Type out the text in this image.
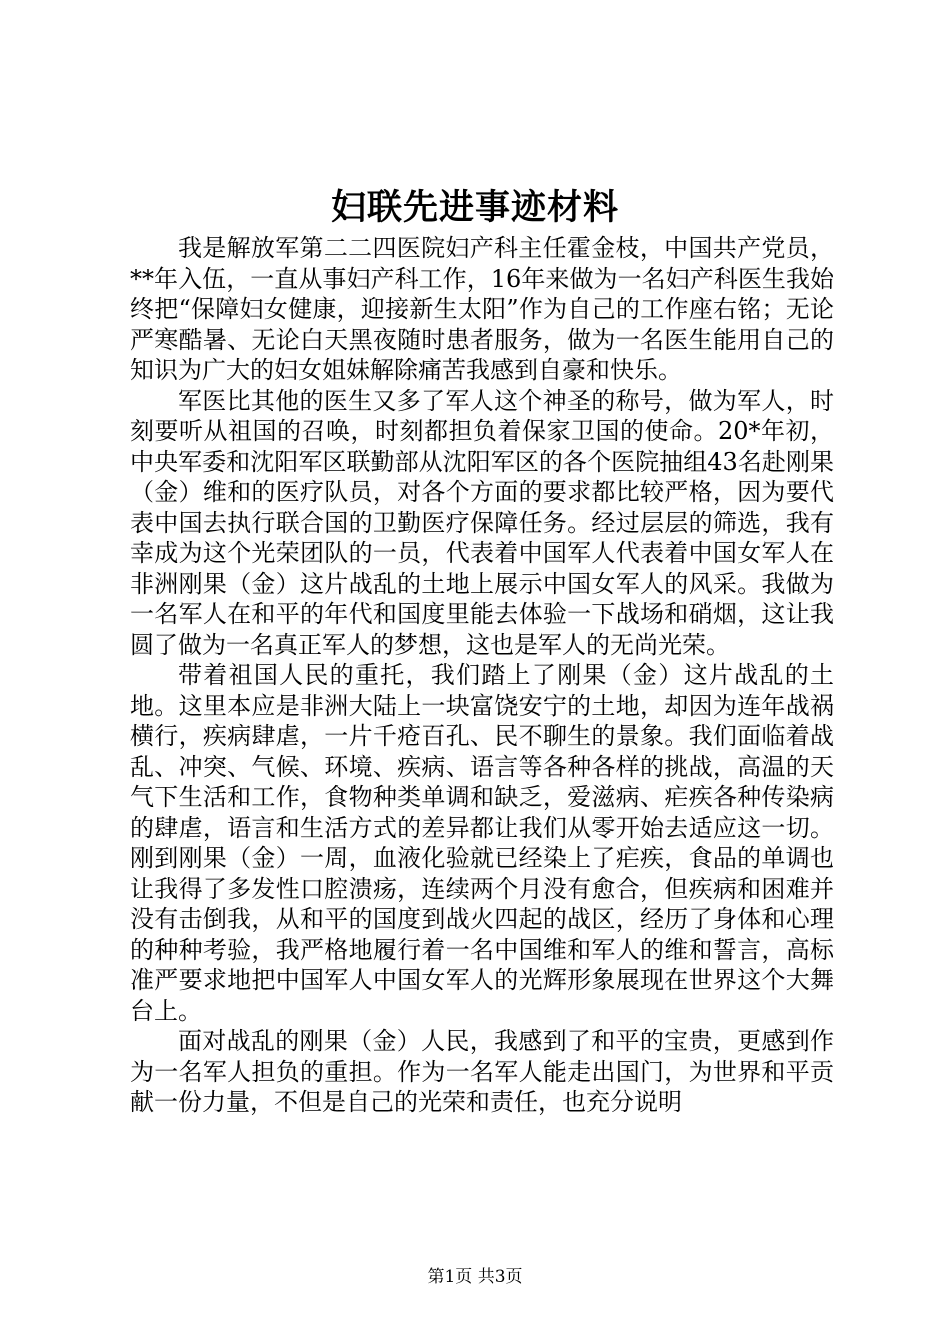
妇联先进事迹材料

我是解放军第二二四医院妇产科主任霍金枝，中国共产党员，**年入伍，一直从事妇产科工作，16年来做为一名妇产科医生我始终把“保障妇女健康，迎接新生太阳”作为自己的工作座右铭；无论严寒酷暑、无论白天黑夜随时患者服务，做为一名医生能用自己的知识为广大的妇女姐妹解除痛苦我感到自豪和快乐。

军医比其他的医生又多了军人这个神圣的称号，做为军人，时刻要听从祖国的召唤，时刻都担负着保家卫国的使命。20*年初，中央军委和沈阳军区联勤部从沈阳军区的各个医院抽组43名赴刚果（金）维和的医疗队员，对各个方面的要求都比较严格，因为要代表中国去执行联合国的卫勤医疗保障任务。经过层层的筛选，我有幸成为这个光荣团队的一员，代表着中国军人代表着中国女军人在非洲刚果（金）这片战乱的土地上展示中国女军人的风采。我做为一名军人在和平的年代和国度里能去体验一下战场和硝烟，这让我圆了做为一名真正军人的梦想，这也是军人的无尚光荣。

带着祖国人民的重托，我们踏上了刚果（金）这片战乱的土地。这里本应是非洲大陆上一块富饶安宁的土地，却因为连年战祸横行，疾病肆虐，一片千疮百孔、民不聊生的景象。我们面临着战乱、冲突、气候、环境、疾病、语言等各种各样的挑战，高温的天气下生活和工作，食物种类单调和缺乏，爱滋病、疟疾各种传染病的肆虐，语言和生活方式的差异都让我们从零开始去适应这一切。刚到刚果（金）一周，血液化验就已经染上了疟疾，食品的单调也让我得了多发性口腔溃疡，连续两个月没有愈合，但疾病和困难并没有击倒我，从和平的国度到战火四起的战区，经历了身体和心理的种种考验，我严格地履行着一名中国维和军人的维和誓言，高标准严要求地把中国军人中国女军人的光辉形象展现在世界这个大舞台上。

面对战乱的刚果（金）人民，我感到了和平的宝贵，更感到作为一名军人担负的重担。作为一名军人能走出国门，为世界和平贡献一份力量，不但是自己的光荣和责任，也充分说明

第1页 共3页
